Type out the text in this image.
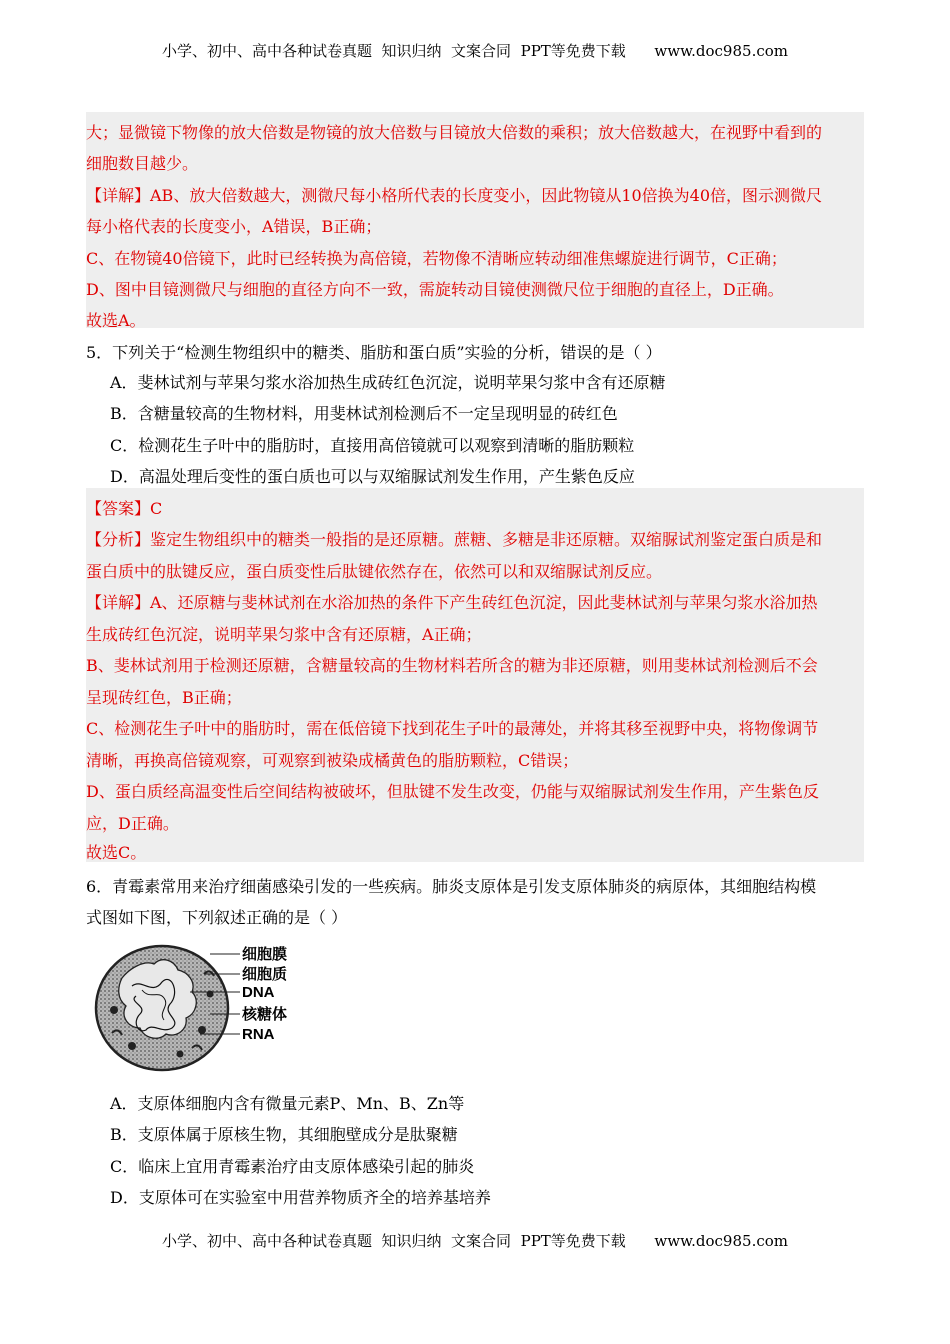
小学、初中、高中各种试卷真题  知识归纳  文案合同  PPT等免费下载      www.doc985.com
大；显微镜下物像的放大倍数是物镜的放大倍数与目镜放大倍数的乘积；放大倍数越大，在视野中看到的
细胞数目越少。
【详解】AB、放大倍数越大，测微尺每小格所代表的长度变小，因此物镜从10倍换为40倍，图示测微尺
每小格代表的长度变小，A错误，B正确；
C、在物镜40倍镜下，此时已经转换为高倍镜，若物像不清晰应转动细准焦螺旋进行调节，C正确；
D、图中目镜测微尺与细胞的直径方向不一致，需旋转动目镜使测微尺位于细胞的直径上，D正确。
故选A。
5．下列关于“检测生物组织中的糖类、脂肪和蛋白质”实验的分析，错误的是（ ）
A．斐林试剂与苹果匀浆水浴加热生成砖红色沉淀，说明苹果匀浆中含有还原糖
B．含糖量较高的生物材料，用斐林试剂检测后不一定呈现明显的砖红色
C．检测花生子叶中的脂肪时，直接用高倍镜就可以观察到清晰的脂肪颗粒
D．高温处理后变性的蛋白质也可以与双缩脲试剂发生作用，产生紫色反应
【答案】C
【分析】鉴定生物组织中的糖类一般指的是还原糖。蔗糖、多糖是非还原糖。双缩脲试剂鉴定蛋白质是和
蛋白质中的肽键反应，蛋白质变性后肽键依然存在，依然可以和双缩脲试剂反应。
【详解】A、还原糖与斐林试剂在水浴加热的条件下产生砖红色沉淀，因此斐林试剂与苹果匀浆水浴加热
生成砖红色沉淀，说明苹果匀浆中含有还原糖，A正确；
B、斐林试剂用于检测还原糖，含糖量较高的生物材料若所含的糖为非还原糖，则用斐林试剂检测后不会
呈现砖红色，B正确；
C、检测花生子叶中的脂肪时，需在低倍镜下找到花生子叶的最薄处，并将其移至视野中央，将物像调节
清晰，再换高倍镜观察，可观察到被染成橘黄色的脂肪颗粒，C错误；
D、蛋白质经高温变性后空间结构被破坏，但肽键不发生改变，仍能与双缩脲试剂发生作用，产生紫色反
应，D正确。
故选C。
6．青霉素常用来治疗细菌感染引发的一些疾病。肺炎支原体是引发支原体肺炎的病原体，其细胞结构模
式图如下图，下列叙述正确的是（ ）
细胞膜
细胞质
DNA
核糖体
RNA
A．支原体细胞内含有微量元素P、Mn、B、Zn等
B．支原体属于原核生物，其细胞壁成分是肽聚糖
C．临床上宜用青霉素治疗由支原体感染引起的肺炎
D．支原体可在实验室中用营养物质齐全的培养基培养
小学、初中、高中各种试卷真题  知识归纳  文案合同  PPT等免费下载      www.doc985.com
